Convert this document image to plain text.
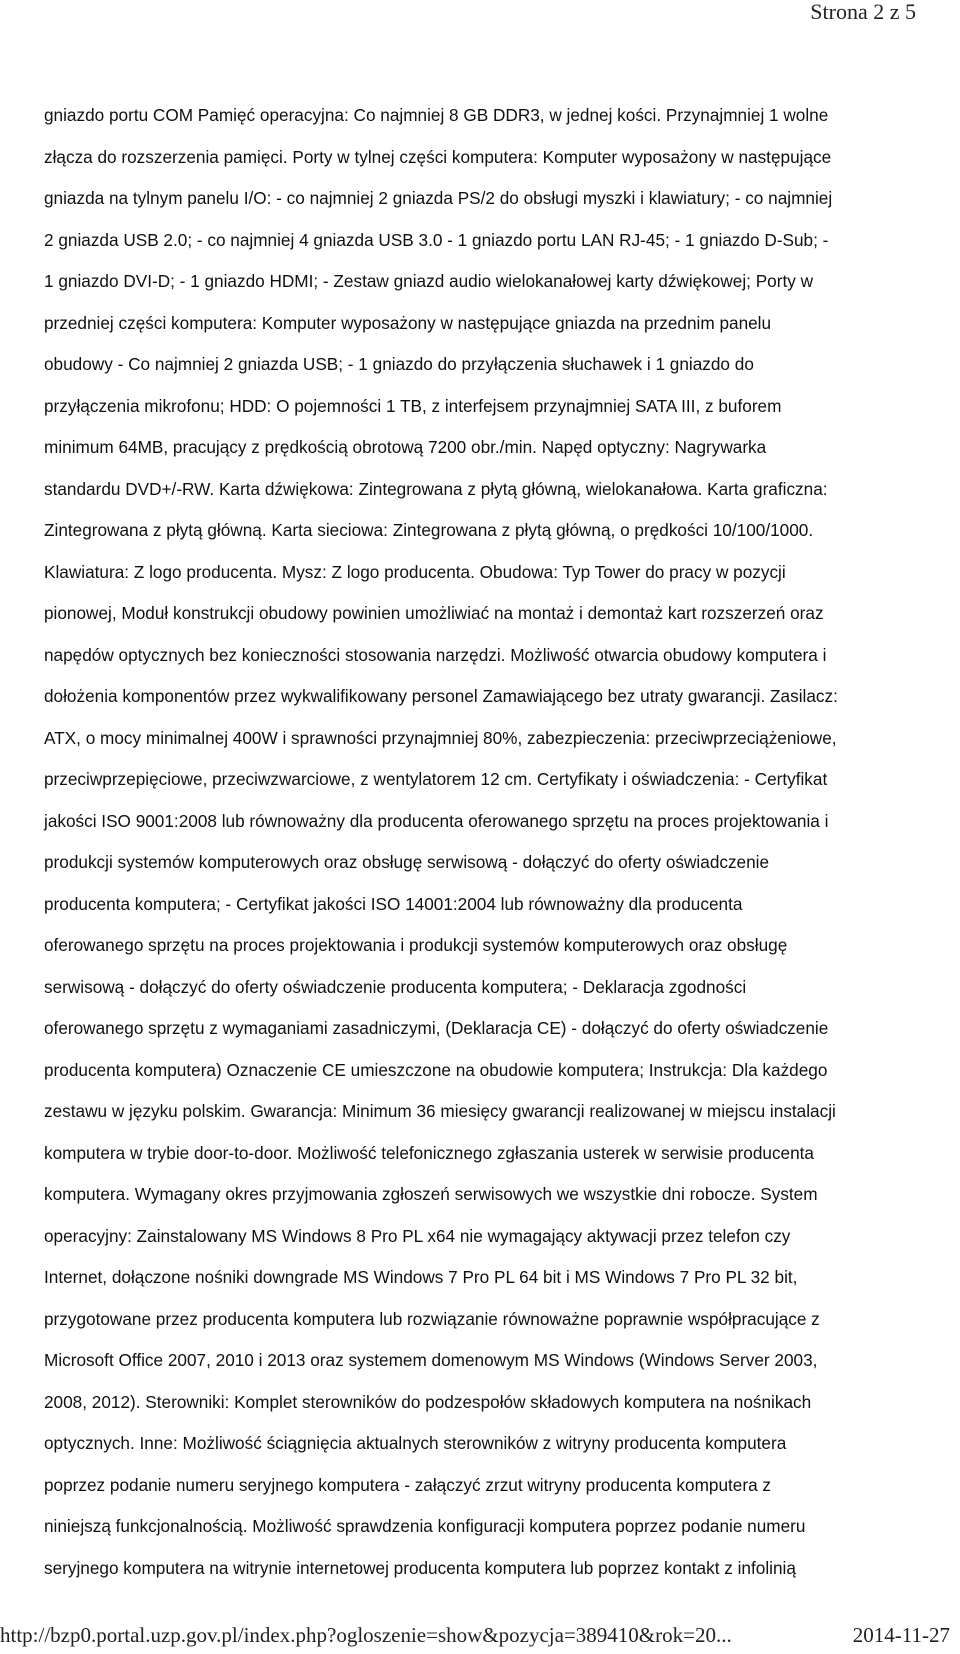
Strona 2 z 5
gniazdo portu COM Pamięć operacyjna: Co najmniej 8 GB DDR3, w jednej kości. Przynajmniej 1 wolne
złącza do rozszerzenia pamięci. Porty w tylnej części komputera: Komputer wyposażony w następujące
gniazda na tylnym panelu I/O: - co najmniej 2 gniazda PS/2 do obsługi myszki i klawiatury; - co najmniej
2 gniazda USB 2.0; - co najmniej 4 gniazda USB 3.0 - 1 gniazdo portu LAN RJ-45; - 1 gniazdo D-Sub; -
1 gniazdo DVI-D; - 1 gniazdo HDMI; - Zestaw gniazd audio wielokanałowej karty dźwiękowej; Porty w
przedniej części komputera: Komputer wyposażony w następujące gniazda na przednim panelu
obudowy - Co najmniej 2 gniazda USB; - 1 gniazdo do przyłączenia słuchawek i 1 gniazdo do
przyłączenia mikrofonu; HDD: O pojemności 1 TB, z interfejsem przynajmniej SATA III, z buforem
minimum 64MB, pracujący z prędkością obrotową 7200 obr./min. Napęd optyczny: Nagrywarka
standardu DVD+/-RW. Karta dźwiękowa: Zintegrowana z płytą główną, wielokanałowa. Karta graficzna:
Zintegrowana z płytą główną. Karta sieciowa: Zintegrowana z płytą główną, o prędkości 10/100/1000.
Klawiatura: Z logo producenta. Mysz: Z logo producenta. Obudowa: Typ Tower do pracy w pozycji
pionowej, Moduł konstrukcji obudowy powinien umożliwiać na montaż i demontaż kart rozszerzeń oraz
napędów optycznych bez konieczności stosowania narzędzi. Możliwość otwarcia obudowy komputera i
dołożenia komponentów przez wykwalifikowany personel Zamawiającego bez utraty gwarancji. Zasilacz:
ATX, o mocy minimalnej 400W i sprawności przynajmniej 80%, zabezpieczenia: przeciwprzeciążeniowe,
przeciwprzepięciowe, przeciwzwarciowe, z wentylatorem 12 cm. Certyfikaty i oświadczenia: - Certyfikat
jakości ISO 9001:2008 lub równoważny dla producenta oferowanego sprzętu na proces projektowania i
produkcji systemów komputerowych oraz obsługę serwisową - dołączyć do oferty oświadczenie
producenta komputera; - Certyfikat jakości ISO 14001:2004 lub równoważny dla producenta
oferowanego sprzętu na proces projektowania i produkcji systemów komputerowych oraz obsługę
serwisową - dołączyć do oferty oświadczenie producenta komputera; - Deklaracja zgodności
oferowanego sprzętu z wymaganiami zasadniczymi, (Deklaracja CE) - dołączyć do oferty oświadczenie
producenta komputera) Oznaczenie CE umieszczone na obudowie komputera; Instrukcja: Dla każdego
zestawu w języku polskim. Gwarancja: Minimum 36 miesięcy gwarancji realizowanej w miejscu instalacji
komputera w trybie door-to-door. Możliwość telefonicznego zgłaszania usterek w serwisie producenta
komputera. Wymagany okres przyjmowania zgłoszeń serwisowych we wszystkie dni robocze. System
operacyjny: Zainstalowany MS Windows 8 Pro PL x64 nie wymagający aktywacji przez telefon czy
Internet, dołączone nośniki downgrade MS Windows 7 Pro PL 64 bit i MS Windows 7 Pro PL 32 bit,
przygotowane przez producenta komputera lub rozwiązanie równoważne poprawnie współpracujące z
Microsoft Office 2007, 2010 i 2013 oraz systemem domenowym MS Windows (Windows Server 2003,
2008, 2012). Sterowniki: Komplet sterowników do podzespołów składowych komputera na nośnikach
optycznych. Inne: Możliwość ściągnięcia aktualnych sterowników z witryny producenta komputera
poprzez podanie numeru seryjnego komputera - załączyć zrzut witryny producenta komputera z
niniejszą funkcjonalnością. Możliwość sprawdzenia konfiguracji komputera poprzez podanie numeru
seryjnego komputera na witrynie internetowej producenta komputera lub poprzez kontakt z infolinią
http://bzp0.portal.uzp.gov.pl/index.php?ogloszenie=show&pozycja=389410&rok=20...	2014-11-27
